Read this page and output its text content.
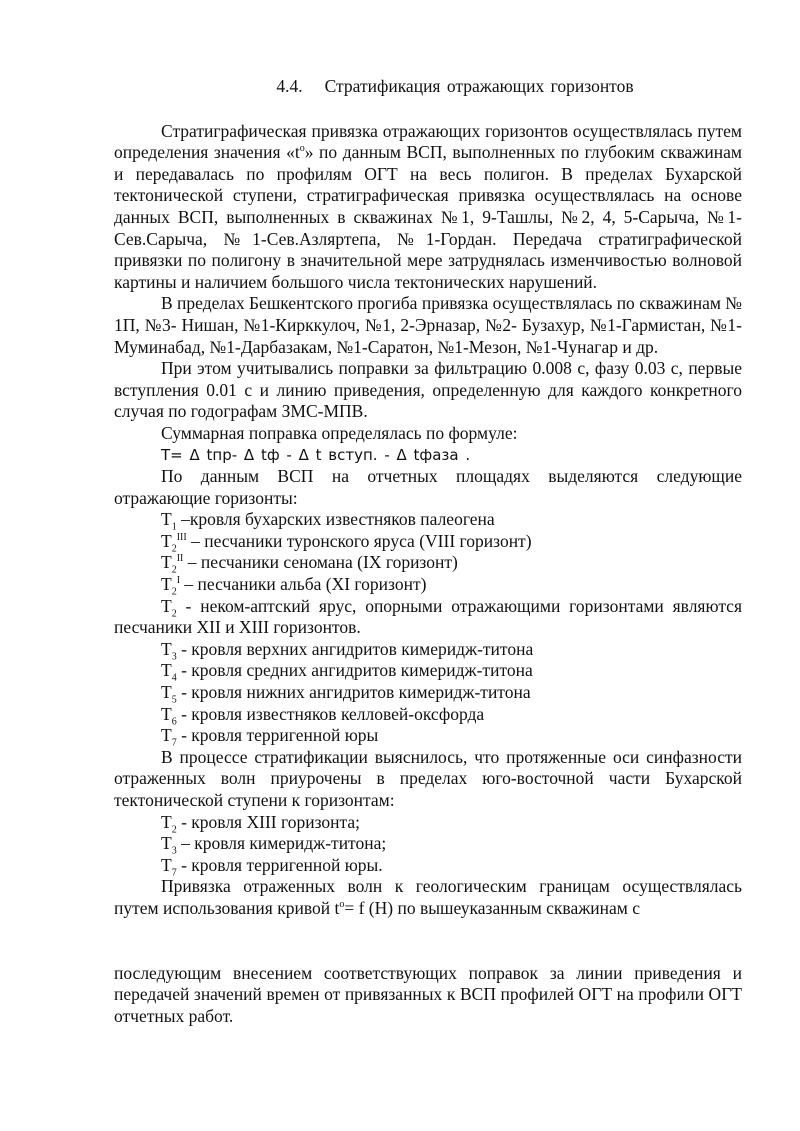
4.4. Стратификация отражающих горизонтов

Стратиграфическая привязка отражающих горизонтов осуществлялась путем определения значения «$t^о$» по данным ВСП, выполненных по глубоким скважинам и передавалась по профилям ОГТ на весь полигон. В пределах Бухарской тектонической ступени, стратиграфическая привязка осуществлялась на основе данных ВСП, выполненных в скважинах №1, 9-Ташлы, №2, 4, 5-Сарыча, №1-Сев.Сарыча, №1-Сев.Азляртепа, №1-Гордан. Передача стратиграфической привязки по полигону в значительной мере затруднялась изменчивостью волновой картины и наличием большого числа тектонических нарушений.

В пределах Бешкентского прогиба привязка осуществлялась по скважинам № 1П, №3- Нишан, №1-Кирккулоч, №1, 2-Эрназар, №2- Бузахур, №1-Гармистан, №1-Муминабад, №1-Дарбазакам, №1-Саратон, №1-Мезон, №1-Чунагар и др.

При этом учитывались поправки за фильтрацию 0.008 с, фазу 0.03 с, первые вступления 0.01 с и линию приведения, определенную для каждого конкретного случая по годографам ЗМС-МПВ.

Суммарная поправка определялась по формуле:

T= Δ tпр- Δ tф - Δ t вступ. - Δ tфаза .

По данным ВСП на отчетных площадях выделяются следующие отражающие горизонты:

$T_1$ –кровля бухарских известняков палеогена

$T_2^{III}$ – песчаники туронского яруса (VIII горизонт)

$T_2^{II}$ – песчаники сеномана (IX горизонт)

$T_2^I$ – песчаники альба (XI горизонт)

$T_2$ - неком-аптский ярус, опорными отражающими горизонтами являются песчаники XII и XIII горизонтов.

$T_3$ - кровля верхних ангидритов кимеридж-титона

$T_4$ - кровля средних ангидритов кимеридж-титона

$T_5$ - кровля нижних ангидритов кимеридж-титона

$T_6$ - кровля известняков келловей-оксфорда

$T_7$ - кровля терригенной юры

В процессе стратификации выяснилось, что протяженные оси синфазности отраженных волн приурочены в пределах юго-восточной части Бухарской тектонической ступени к горизонтам:

$T_2$ - кровля XIII горизонта;

$T_3$ – кровля кимеридж-титона;

$T_7$ - кровля терригенной юры.

Привязка отраженных волн к геологическим границам осуществлялась путем использования кривой $t^о= f$ (H) по вышеуказанным скважинам с

последующим внесением соответствующих поправок за линии приведения и передачей значений времен от привязанных к ВСП профилей ОГТ на профили ОГТ отчетных работ.
